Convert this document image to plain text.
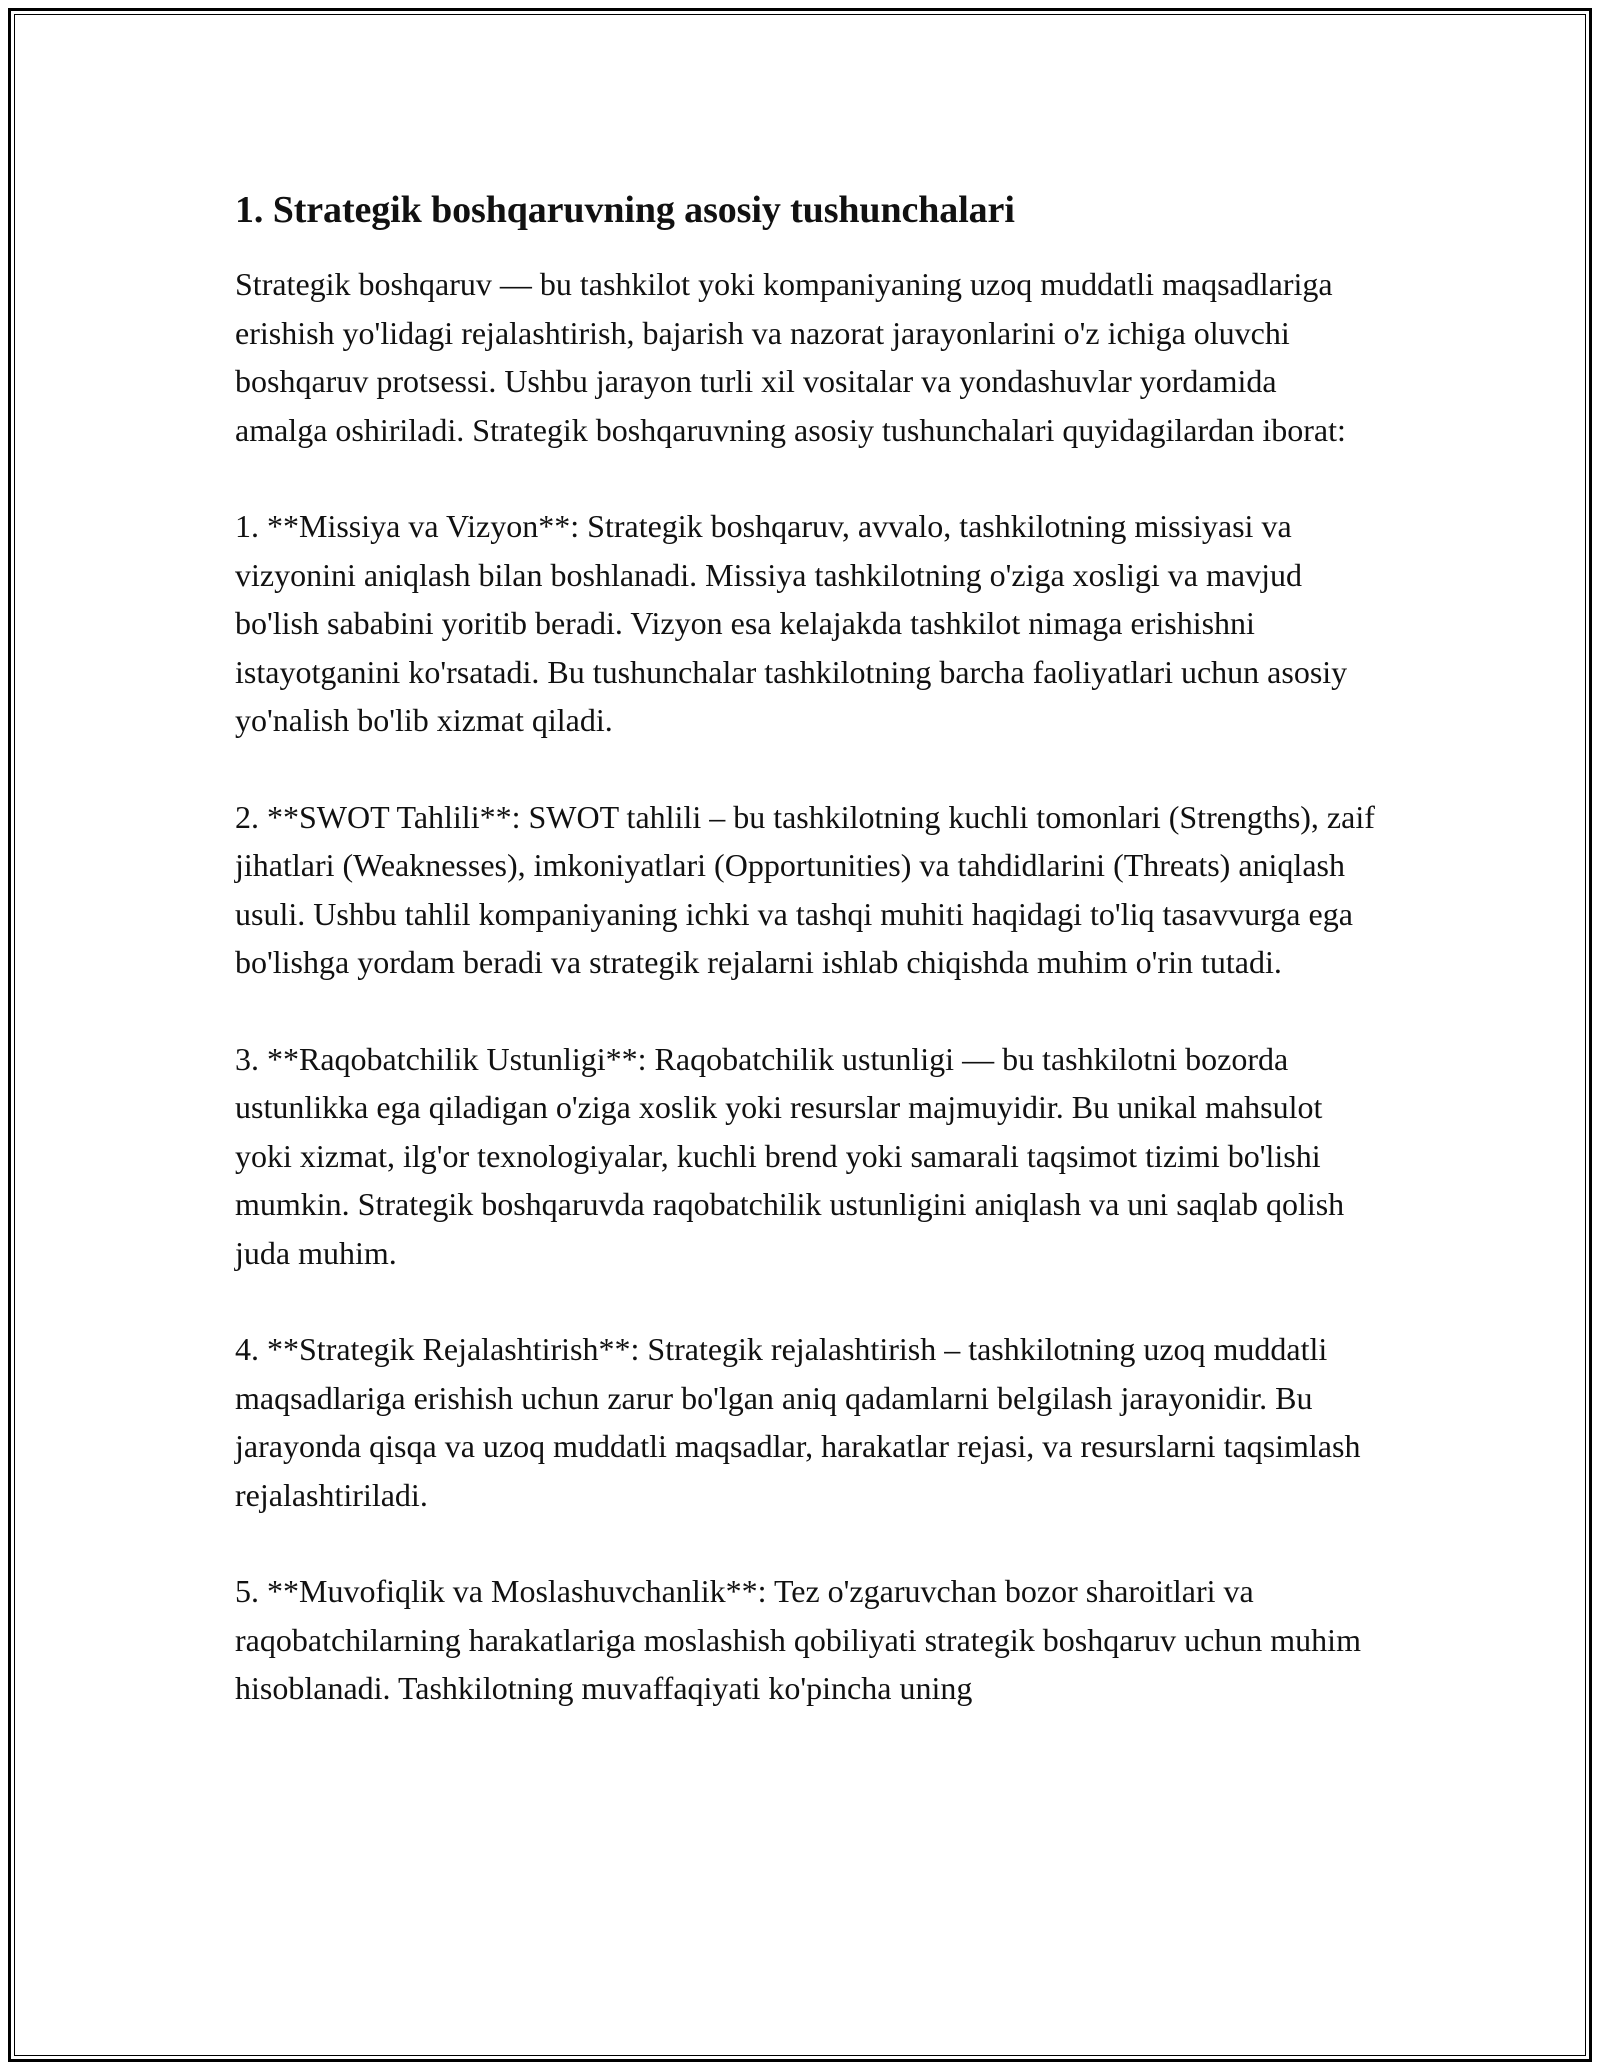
1. Strategik boshqaruvning asosiy tushunchalari

Strategik boshqaruv — bu tashkilot yoki kompaniyaning uzoq muddatli maqsadlariga erishish yo'lidagi rejalashtirish, bajarish va nazorat jarayonlarini o'z ichiga oluvchi boshqaruv protsessi. Ushbu jarayon turli xil vositalar va yondashuvlar yordamida amalga oshiriladi. Strategik boshqaruvning asosiy tushunchalari quyidagilardan iborat:

1. **Missiya va Vizyon**: Strategik boshqaruv, avvalo, tashkilotning missiyasi va vizyonini aniqlash bilan boshlanadi. Missiya tashkilotning o'ziga xosligi va mavjud bo'lish sababini yoritib beradi. Vizyon esa kelajakda tashkilot nimaga erishishni istayotganini ko'rsatadi. Bu tushunchalar tashkilotning barcha faoliyatlari uchun asosiy yo'nalish bo'lib xizmat qiladi.

2. **SWOT Tahlili**: SWOT tahlili – bu tashkilotning kuchli tomonlari (Strengths), zaif jihatlari (Weaknesses), imkoniyatlari (Opportunities) va tahdidlarini (Threats) aniqlash usuli. Ushbu tahlil kompaniyaning ichki va tashqi muhiti haqidagi to'liq tasavvurga ega bo'lishga yordam beradi va strategik rejalarni ishlab chiqishda muhim o'rin tutadi.

3. **Raqobatchilik Ustunligi**: Raqobatchilik ustunligi — bu tashkilotni bozorda ustunlikka ega qiladigan o'ziga xoslik yoki resurslar majmuyidir. Bu unikal mahsulot yoki xizmat, ilg'or texnologiyalar, kuchli brend yoki samarali taqsimot tizimi bo'lishi mumkin. Strategik boshqaruvda raqobatchilik ustunligini aniqlash va uni saqlab qolish juda muhim.

4. **Strategik Rejalashtirish**: Strategik rejalashtirish – tashkilotning uzoq muddatli maqsadlariga erishish uchun zarur bo'lgan aniq qadamlarni belgilash jarayonidir. Bu jarayonda qisqa va uzoq muddatli maqsadlar, harakatlar rejasi, va resurslarni taqsimlash rejalashtiriladi.

5. **Muvofiqlik va Moslashuvchanlik**: Tez o'zgaruvchan bozor sharoitlari va raqobatchilarning harakatlariga moslashish qobiliyati strategik boshqaruv uchun muhim hisoblanadi. Tashkilotning muvaffaqiyati ko'pincha uning
